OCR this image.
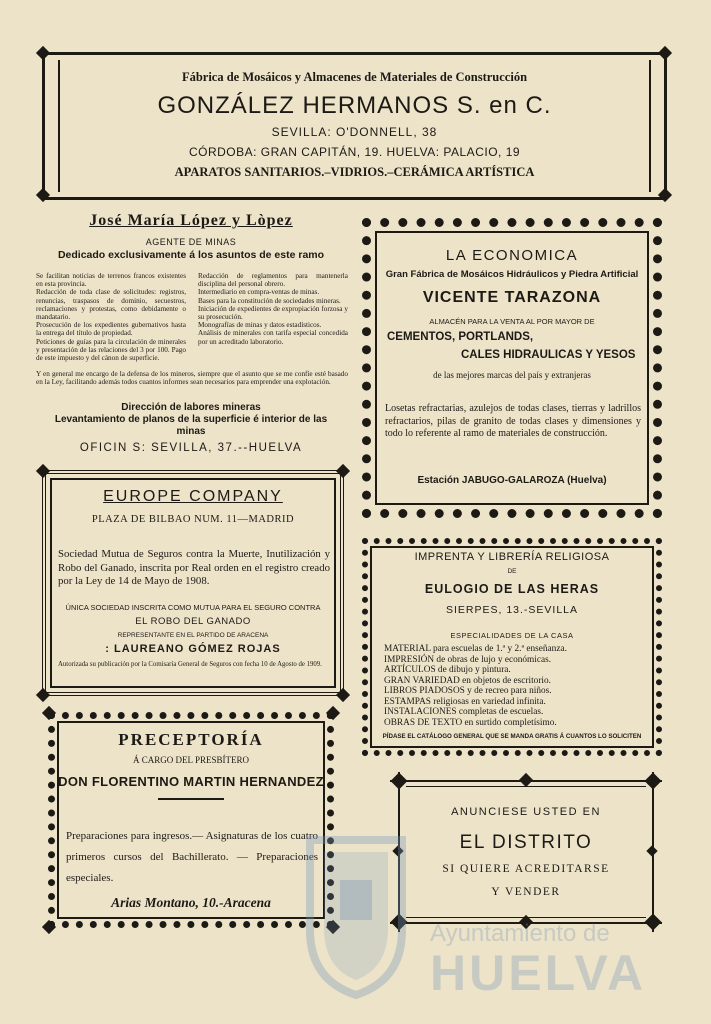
Fábrica de Mosáicos y Almacenes de Materiales de Construcción
GONZÁLEZ HERMANOS S. en C.
SEVILLA: O'DONNELL, 38
CÓRDOBA: GRAN CAPITÁN, 19. HUELVA: PALACIO, 19
APARATOS SANITARIOS.–VIDRIOS.–CERÁMICA ARTÍSTICA
José María López y Lòpez
AGENTE DE MINAS
Dedicado exclusivamente á los asuntos de este ramo

Se facilitan noticias de terrenos francos existentes en esta provincia.

Redacción de toda clase de solicitudes: registros, renuncias, traspasos de dominio, secuestros, reclamaciones y protestas, como debidamente o mandatario.

Prosecución de los expedientes gubernativos hasta la entrega del título de propiedad.

Peticiones de guías para la circulación de minerales y presentación de las relaciones del 3 por 100. Pago de este impuesto y del cánon de superficie.

Redacción de reglamentos para mantenerla disciplina del personal obrero.

Intermediario en compra-ventas de minas.

Bases para la constitución de sociedades mineras.

Iniciación de expedientes de expropiación forzosa y su prosecución.

Monografías de minas y datos estadísticos.

Análisis de minerales con tarifa especial concedida por un acreditado laboratorio.

Y en general me encargo de la defensa de los mineros, siempre que el asunto que se me confíe esté basado en la Ley, facilitando además todos cuantos informes sean necesarios para emprender una explotación.

Dirección de labores mineras
Levantamiento de planos de la superficie é interior de las minas
OFICIN S: SEVILLA, 37.--HUELVA
LA ECONOMICA
Gran Fábrica de Mosáicos Hidráulicos y Piedra Artificial
VICENTE TARAZONA
ALMACÉN PARA LA VENTA AL POR MAYOR DE
CEMENTOS, PORTLANDS,
CALES HIDRAULICAS Y YESOS
de las mejores marcas del país y extranjeras
Losetas refractarias, azulejos de todas clases, tierras y ladrillos refractarios, pilas de granito de todas clases y dimensiones y todo lo referente al ramo de materiales de construcción.
Estación JABUGO-GALAROZA (Huelva)
EUROPE COMPANY
PLAZA DE BILBAO NUM. 11—MADRID
Sociedad Mutua de Seguros contra la Muerte, Inutilización y Robo del Ganado, inscrita por Real orden en el registro creado por la Ley de 14 de Mayo de 1908.
ÚNICA SOCIEDAD INSCRITA COMO MUTUA PARA EL SEGURO CONTRA
EL ROBO DEL GANADO
REPRESENTANTE EN EL PARTIDO DE ARACENA
: LAUREANO GÓMEZ ROJAS
Autorizada su publicación por la Comisaría General de Seguros con fecha 10 de Agosto de 1909.
IMPRENTA Y LIBRERÍA RELIGIOSA
DE
EULOGIO DE LAS HERAS
SIERPES, 13.-SEVILLA
ESPECIALIDADES DE LA CASA

MATERIAL para escuelas de 1.ª y 2.ª enseñanza.

IMPRESIÓN de obras de lujo y económicas.

ARTÍCULOS de dibujo y pintura.

GRAN VARIEDAD en objetos de escritorio.

LIBROS PIADOSOS y de recreo para niños.

ESTAMPAS religiosas en variedad infinita.

INSTALACIONES completas de escuelas.

OBRAS DE TEXTO en surtido completísimo.

PÍDASE EL CATÁLOGO GENERAL QUE SE MANDA GRATIS Á CUANTOS LO SOLICITEN
PRECEPTORÍA
Á CARGO DEL PRESBÍTERO
DON FLORENTINO MARTIN HERNANDEZ
Preparaciones para ingresos.— Asignaturas de los cuatro primeros cursos del Bachillerato. — Preparaciones especiales.
Arias Montano, 10.-Aracena
ANUNCIESE USTED EN
EL DISTRITO
SI QUIERE ACREDITARSE
Y VENDER
Ayuntamiento de
HUELVA
